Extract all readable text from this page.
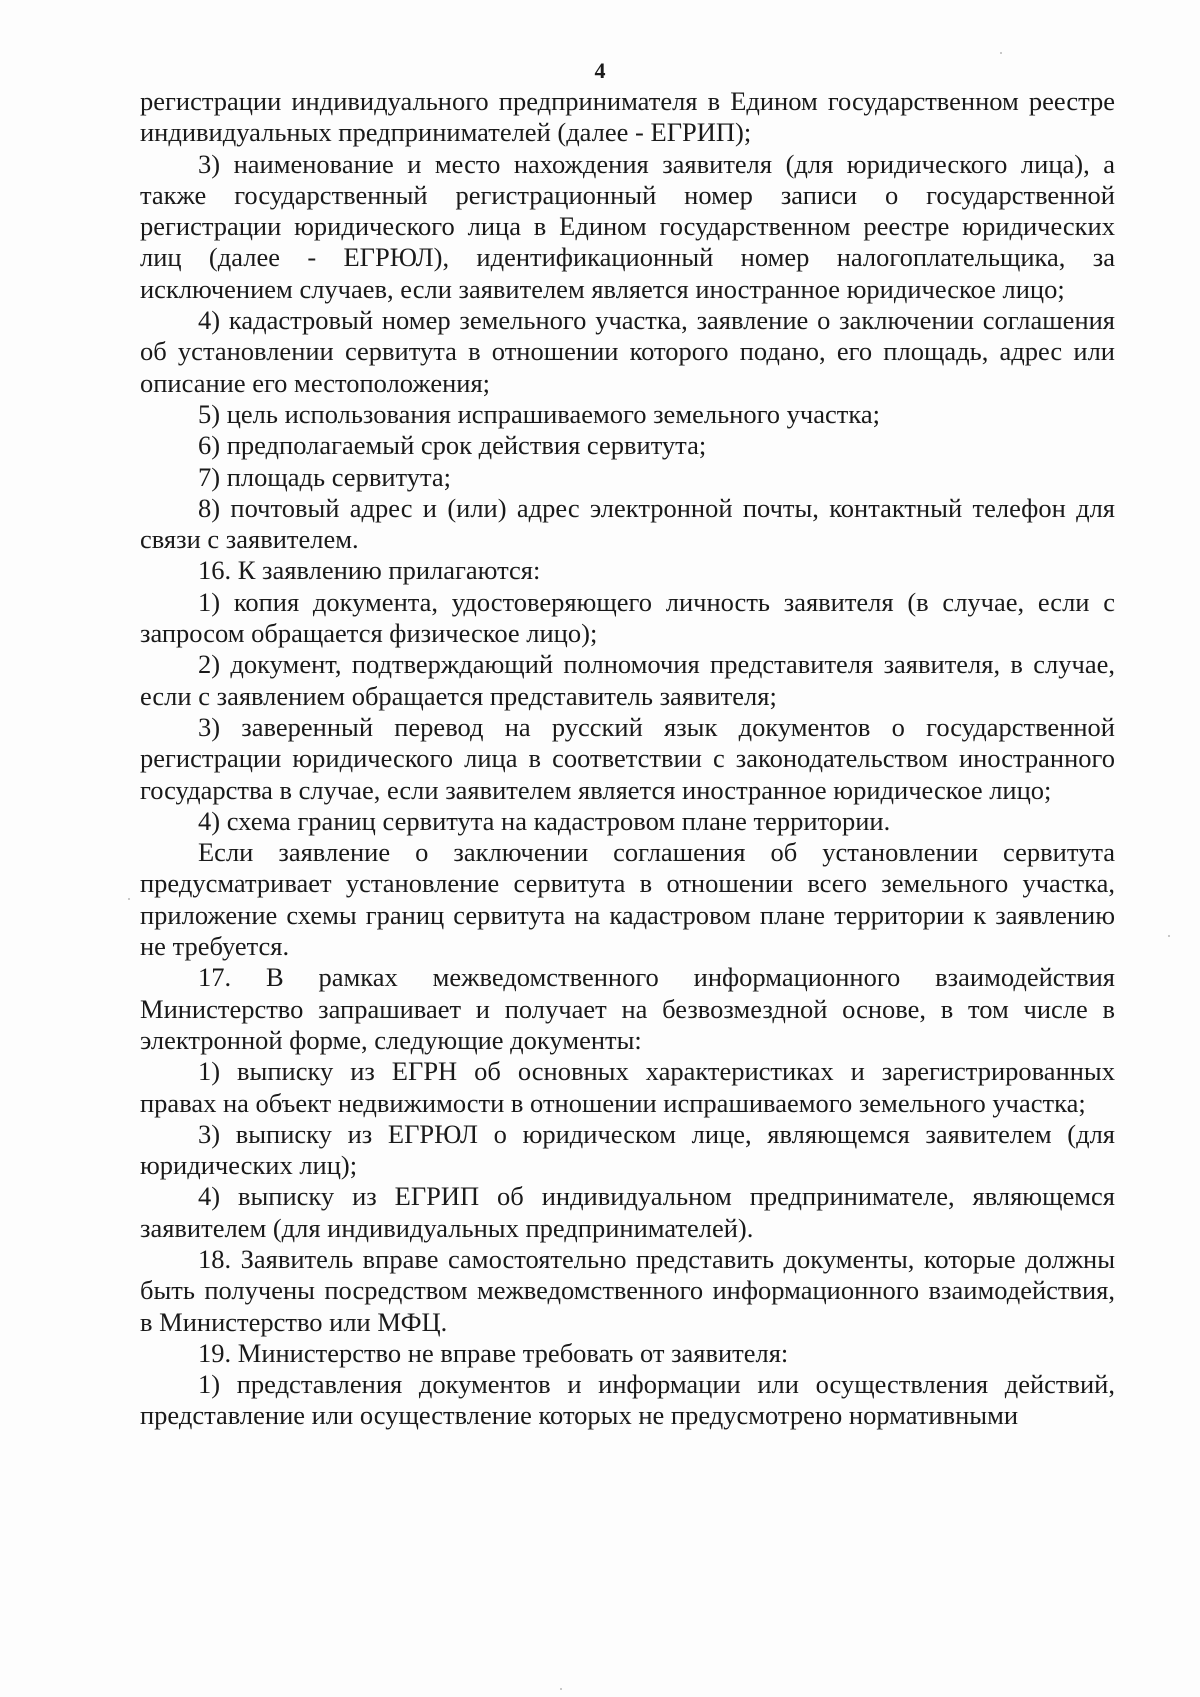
4

регистрации индивидуального предпринимателя в Едином государственном реестре индивидуальных предпринимателей (далее - ЕГРИП);

3) наименование и место нахождения заявителя (для юридического лица), а также государственный регистрационный номер записи о государственной регистрации юридического лица в Едином государственном реестре юридических лиц (далее - ЕГРЮЛ), идентификационный номер налогоплательщика, за исключением случаев, если заявителем является иностранное юридическое лицо;

4) кадастровый номер земельного участка, заявление о заключении соглашения об установлении сервитута в отношении которого подано, его площадь, адрес или описание его местоположения;

5) цель использования испрашиваемого земельного участка;

6) предполагаемый срок действия сервитута;

7) площадь сервитута;

8) почтовый адрес и (или) адрес электронной почты, контактный телефон для связи с заявителем.

16. К заявлению прилагаются:

1) копия документа, удостоверяющего личность заявителя (в случае, если с запросом обращается физическое лицо);

2) документ, подтверждающий полномочия представителя заявителя, в случае, если с заявлением обращается представитель заявителя;

3) заверенный перевод на русский язык документов о государственной регистрации юридического лица в соответствии с законодательством иностранного государства в случае, если заявителем является иностранное юридическое лицо;

4) схема границ сервитута на кадастровом плане территории.

Если заявление о заключении соглашения об установлении сервитута предусматривает установление сервитута в отношении всего земельного участка, приложение схемы границ сервитута на кадастровом плане территории к заявлению не требуется.

17. В рамках межведомственного информационного взаимодействия Министерство запрашивает и получает на безвозмездной основе, в том числе в электронной форме, следующие документы:

1) выписку из ЕГРН об основных характеристиках и зарегистрированных правах на объект недвижимости в отношении испрашиваемого земельного участка;

3) выписку из ЕГРЮЛ о юридическом лице, являющемся заявителем (для юридических лиц);

4) выписку из ЕГРИП об индивидуальном предпринимателе, являющемся заявителем (для индивидуальных предпринимателей).

18. Заявитель вправе самостоятельно представить документы, которые должны быть получены посредством межведомственного информационного взаимодействия, в Министерство или МФЦ.

19. Министерство не вправе требовать от заявителя:

1) представления документов и информации или осуществления действий, представление или осуществление которых не предусмотрено нормативными
